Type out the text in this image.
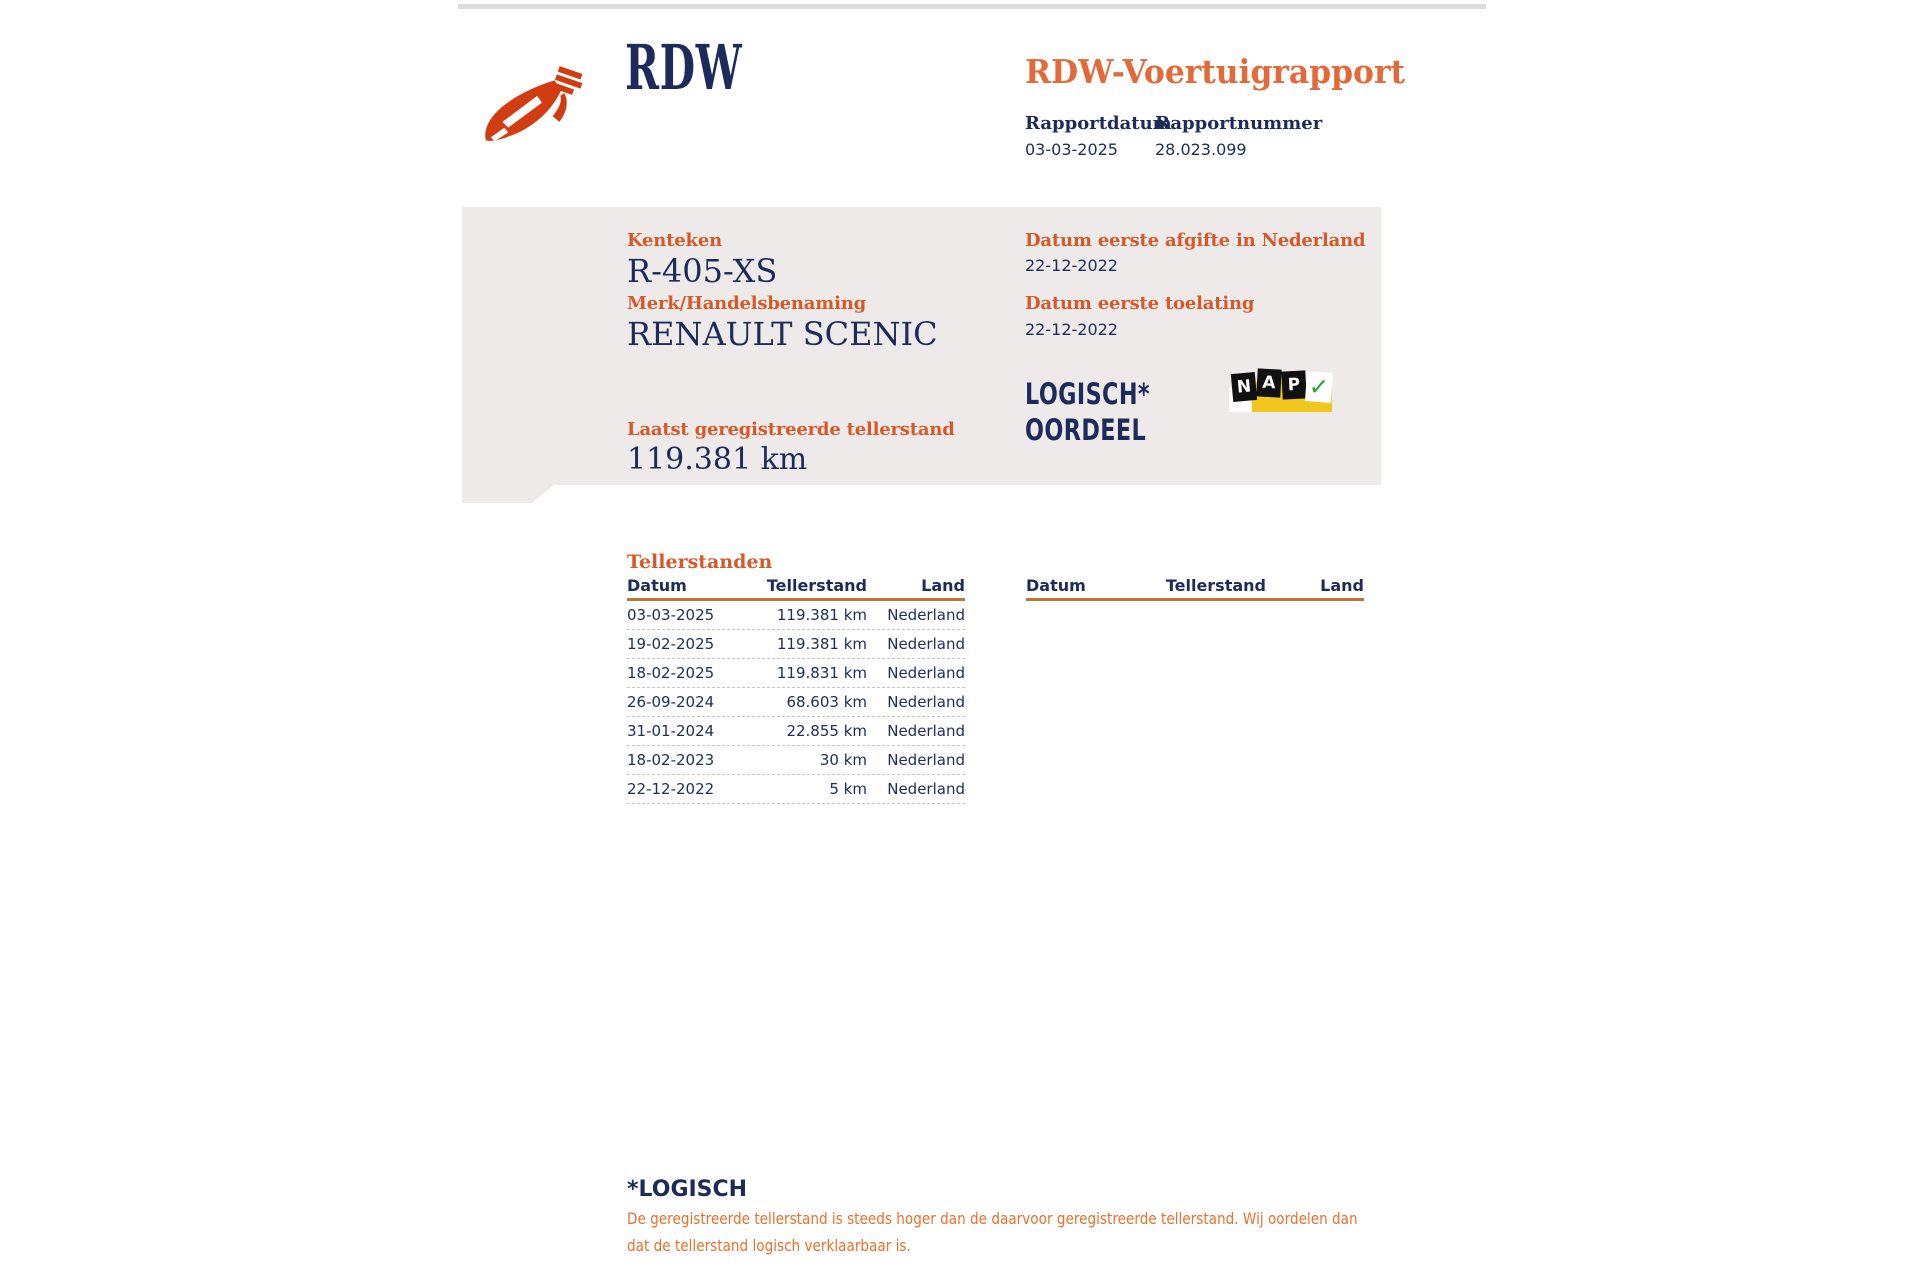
RDW	RDW-Voertuigrapport
Rapportdatum
03-03-2025
Rapportnummer
28.023.099
Kenteken
R-405-XS
Merk/Handelsbenaming
RENAULT SCENIC
Laatst geregistreerde tellerstand
119.381 km
Datum eerste afgifte in Nederland
22-12-2022
Datum eerste toelating
22-12-2022
LOGISCH*
OORDEEL
N A P ✓
Tellerstanden
Datum	Tellerstand	Land
03-03-2025	119.381 km	Nederland
19-02-2025	119.381 km	Nederland
18-02-2025	119.831 km	Nederland
26-09-2024	68.603 km	Nederland
31-01-2024	22.855 km	Nederland
18-02-2023	30 km	Nederland
22-12-2022	5 km	Nederland
Datum	Tellerstand	Land
*LOGISCH
De geregistreerde tellerstand is steeds hoger dan de daarvoor geregistreerde tellerstand. Wij oordelen dan
dat de tellerstand logisch verklaarbaar is.
